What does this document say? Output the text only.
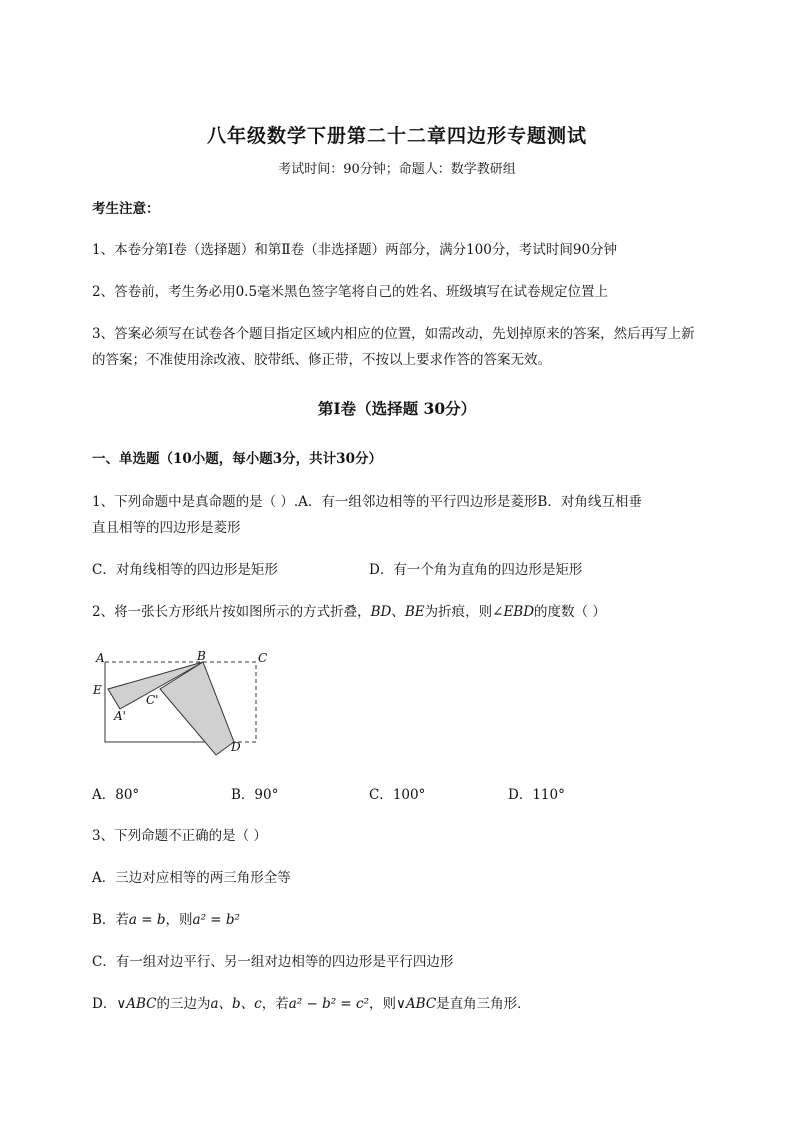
八年级数学下册第二十二章四边形专题测试
考试时间：90分钟；命题人：数学教研组
考生注意：
1、本卷分第I卷（选择题）和第Ⅱ卷（非选择题）两部分，满分100分，考试时间90分钟
2、答卷前，考生务必用0.5毫米黑色签字笔将自己的姓名、班级填写在试卷规定位置上
3、答案必须写在试卷各个题目指定区域内相应的位置，如需改动，先划掉原来的答案，然后再写上新
的答案；不准使用涂改液、胶带纸、修正带，不按以上要求作答的答案无效。
第I卷（选择题 30分）
一、单选题（10小题，每小题3分，共计30分）
1、下列命题中是真命题的是（ ）.A．有一组邻边相等的平行四边形是菱形B．对角线互相垂
直且相等的四边形是菱形
C．对角线相等的四边形是矩形	D．有一个角为直角的四边形是矩形
2、将一张长方形纸片按如图所示的方式折叠，BD、BE为折痕，则∠EBD的度数（ ）
A	B	C
E
A'
C'
D
A．80°	B．90°	C．100°	D．110°
3、下列命题不正确的是（ ）
A．三边对应相等的两三角形全等
B．若a = b，则a² = b²
C．有一组对边平行、另一组对边相等的四边形是平行四边形
D．∨ABC的三边为a、b、c，若a² − b² = c²，则∨ABC是直角三角形．
